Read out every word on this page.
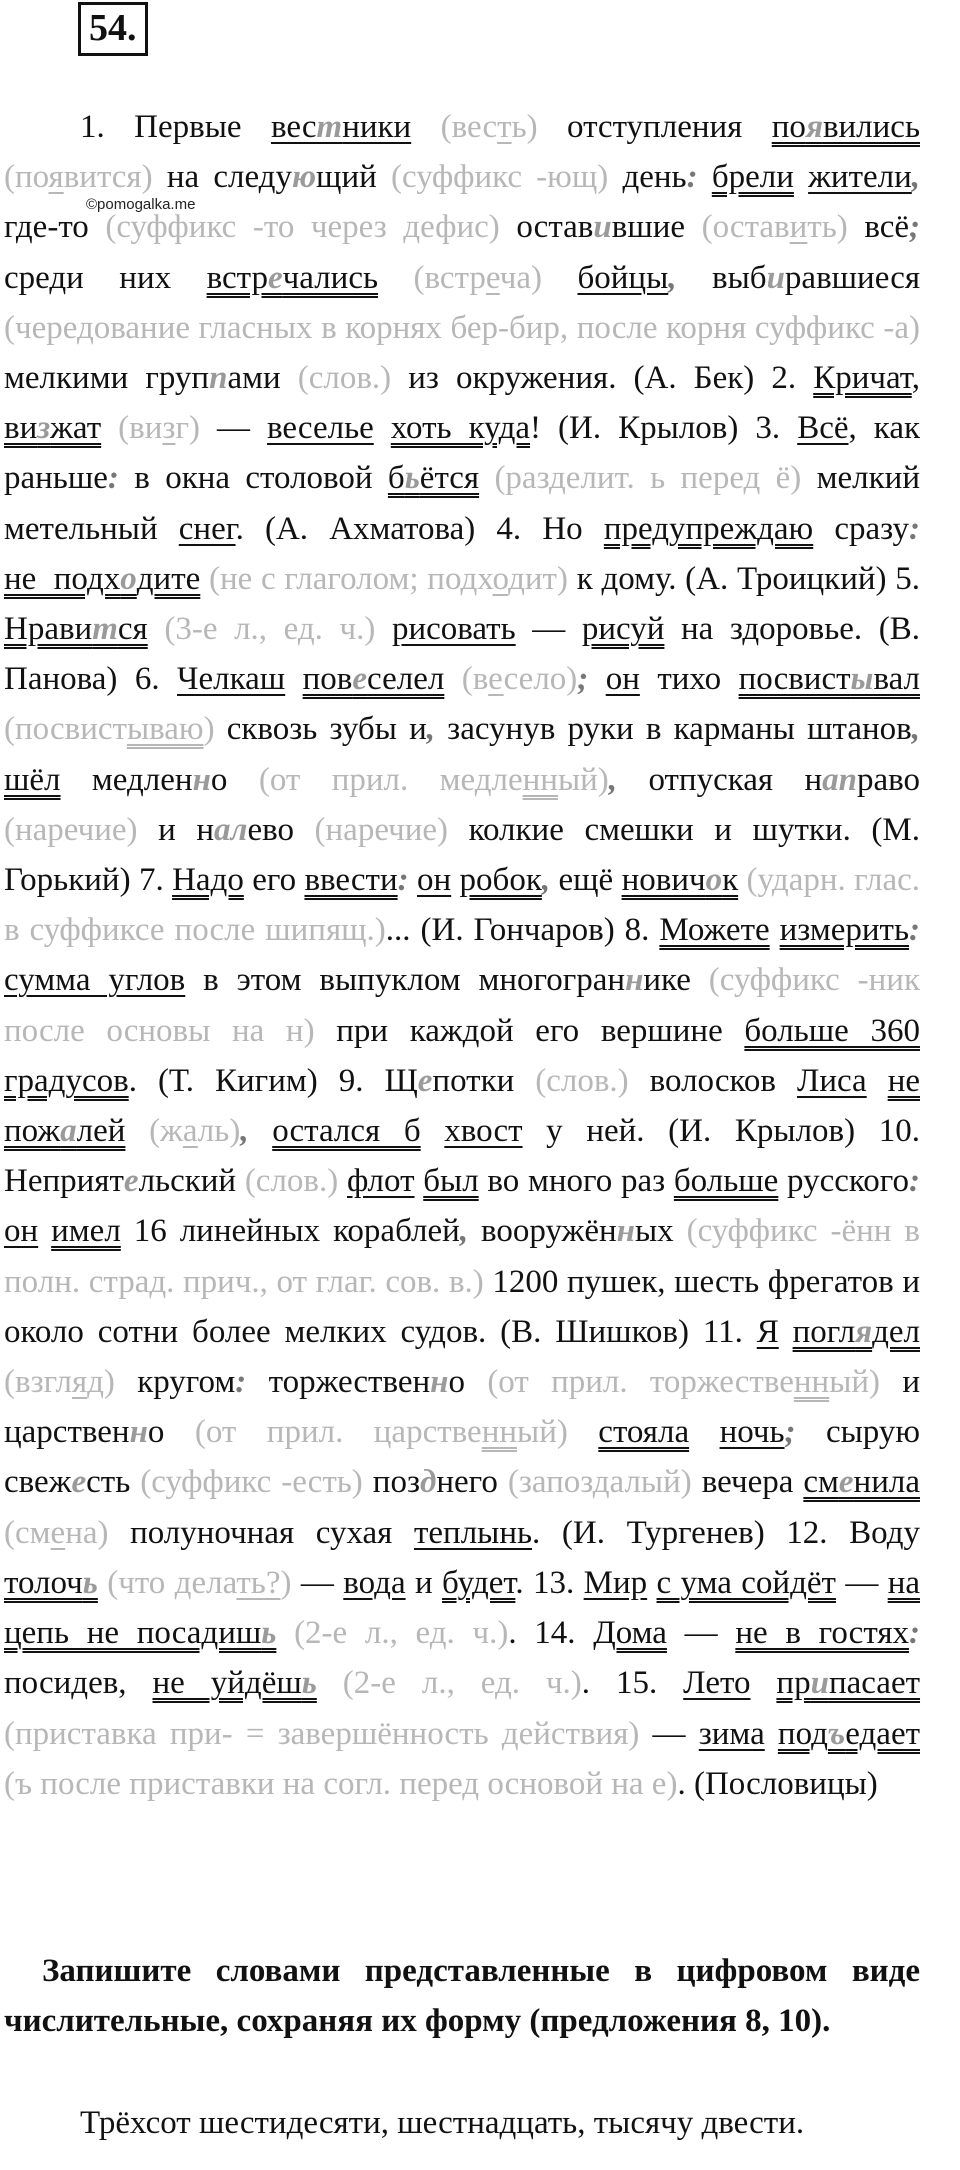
54.
©pomogalka.me

1. Первые вестники (весть) отступления появились (появится) на следующий (суффикс -ющ) день: брели жители, где-то (суффикс -то через дефис) оставившие (оставить) всё; среди них встречались (встреча) бойцы, выбиравшиеся (чередование гласных в корнях бер-бир, после корня суффикс -а) мелкими группами (слов.) из окружения. (А. Бек) 2. Кричат, визжат (визг) — веселье хоть куда! (И. Крылов) 3. Всё, как раньше: в окна столовой бьётся (разделит. ь перед ё) мелкий метельный снег. (А. Ахматова) 4. Но предупреждаю сразу: не  подходите (не с глаголом; подходит) к дому. (А. Троицкий) 5. Нравится (3-е л., ед. ч.) рисовать — рисуй на здоровье. (В. Панова) 6. Челкаш повеселел (весело); он тихо посвистывал (посвистываю) сквозь зубы и, засунув руки в карманы штанов, шёл медленно (от прил. медленный), отпуская направо (наречие) и налево (наречие) колкие смешки и шутки. (М. Горький) 7. Надо его ввести: он робок, ещё новичок (ударн. глас. в суффиксе после шипящ.)... (И. Гончаров) 8. Можете измерить: сумма углов в этом выпуклом многограннике (суффикс -ник после основы на н) при каждой его вершине больше 360 градусов. (Т. Кигим) 9. Щепотки (слов.) волосков Лиса не пожалей (жаль), остался б хвост у ней. (И. Крылов) 10. Неприятельский (слов.) флот был во много раз больше русского: он имел 16 линейных кораблей, вооружённых (суффикс -ённ в полн. страд. прич., от глаг. сов. в.) 1200 пушек, шесть фрегатов и около сотни более мелких судов. (В. Шишков) 11. Я поглядел (взгляд) кругом: торжественно (от прил. торжественный) и царственно (от прил. царственный) стояла ночь; сырую свежесть (суффикс -есть) позднего (запоздалый) вечера сменила (смена) полуночная сухая теплынь. (И. Тургенев) 12. Воду толочь (что делать?) — вода и будет. 13. Мир с ума сойдёт — на цепь не посадишь (2-е л., ед. ч.). 14. Дома — не в гостях: посидев, не уйдёшь (2-е л., ед. ч.). 15. Лето припасает (приставка при- = завершённость действия) — зима подъедает (ъ после приставки на согл. перед основой на е). (Пословицы)

Запишите словами представленные в цифровом виде числительные, сохраняя их форму (предложения 8, 10).

Трёхсот шестидесяти, шестнадцать, тысячу двести.
